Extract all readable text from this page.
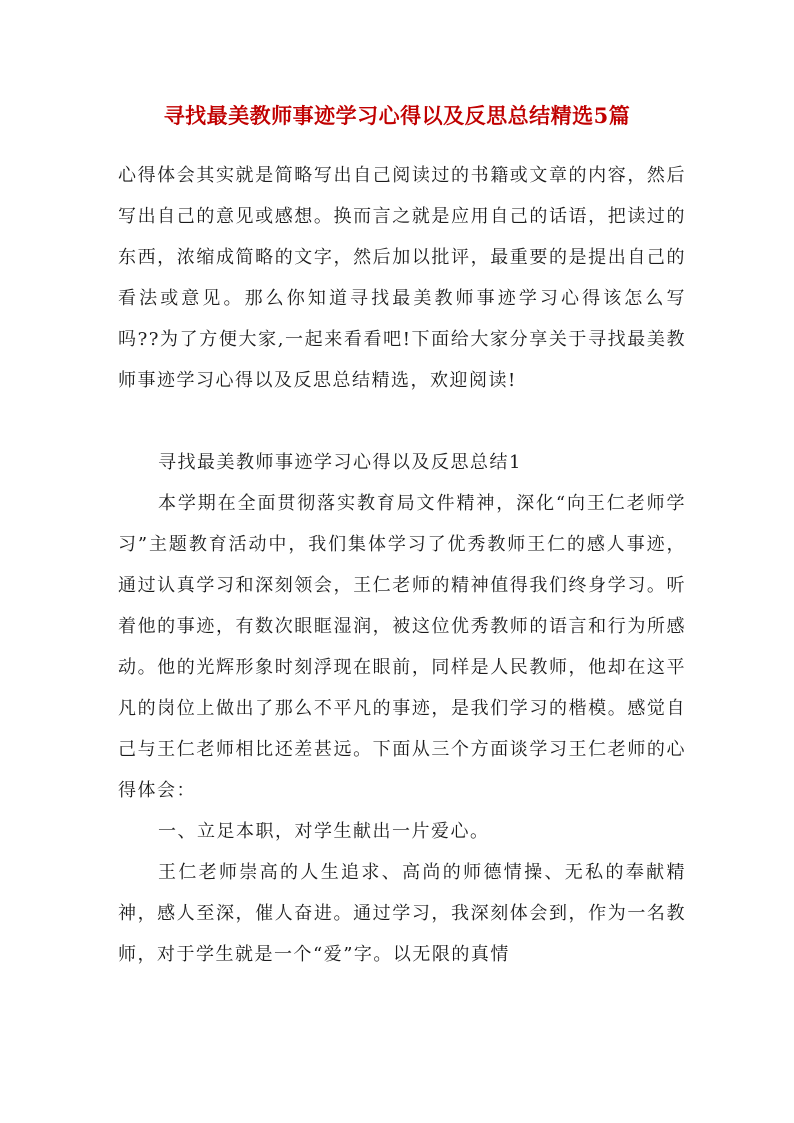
寻找最美教师事迹学习心得以及反思总结精选5篇

心得体会其实就是简略写出自己阅读过的书籍或文章的内容，然后写出自己的意见或感想。换而言之就是应用自己的话语，把读过的东西，浓缩成简略的文字，然后加以批评，最重要的是提出自己的看法或意见。那么你知道寻找最美教师事迹学习心得该怎么写吗??为了方便大家,一起来看看吧!下面给大家分享关于寻找最美教师事迹学习心得以及反思总结精选，欢迎阅读!

寻找最美教师事迹学习心得以及反思总结1

本学期在全面贯彻落实教育局文件精神，深化“向王仁老师学习”主题教育活动中，我们集体学习了优秀教师王仁的感人事迹，通过认真学习和深刻领会，王仁老师的精神值得我们终身学习。听着他的事迹，有数次眼眶湿润，被这位优秀教师的语言和行为所感动。他的光辉形象时刻浮现在眼前，同样是人民教师，他却在这平凡的岗位上做出了那么不平凡的事迹，是我们学习的楷模。感觉自己与王仁老师相比还差甚远。下面从三个方面谈学习王仁老师的心得体会：

一、立足本职，对学生献出一片爱心。

王仁老师崇高的人生追求、高尚的师德情操、无私的奉献精神，感人至深，催人奋进。通过学习，我深刻体会到，作为一名教师，对于学生就是一个“爱”字。以无限的真情
